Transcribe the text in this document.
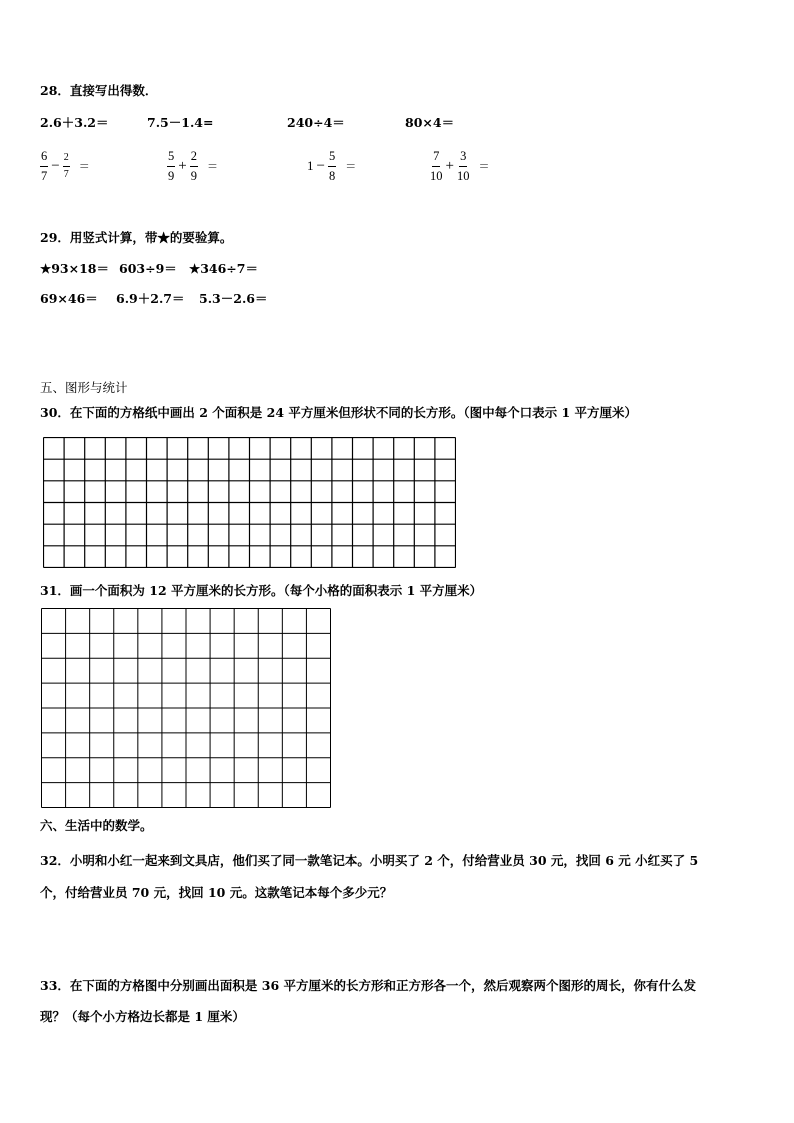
28．直接写出得数．
2.6＋3.2＝	7.5－1.4=	240÷4＝	80×4＝
$\frac{6}{7} - \frac{2}{7}$ ＝	$\frac{5}{9} + \frac{2}{9}$ ＝	$1 - \frac{5}{8}$ ＝	$\frac{7}{10} + \frac{3}{10}$ ＝
29．用竖式计算，带★的要验算。
★93×18＝ 603÷9＝ ★346÷7＝
69×46＝ 6.9＋2.7＝ 5.3－2.6＝
五、图形与统计
30．在下面的方格纸中画出 2 个面积是 24 平方厘米但形状不同的长方形。（图中每个口表示 1 平方厘米）
31．画一个面积为 12 平方厘米的长方形。（每个小格的面积表示 1 平方厘米）
六、生活中的数学。
32．小明和小红一起来到文具店，他们买了同一款笔记本。小明买了 2 个，付给营业员 30 元，找回 6 元 小红买了 5
个，付给营业员 70 元，找回 10 元。这款笔记本每个多少元？
33．在下面的方格图中分别画出面积是 36 平方厘米的长方形和正方形各一个，然后观察两个图形的周长，你有什么发
现？（每个小方格边长都是 1 厘米）
